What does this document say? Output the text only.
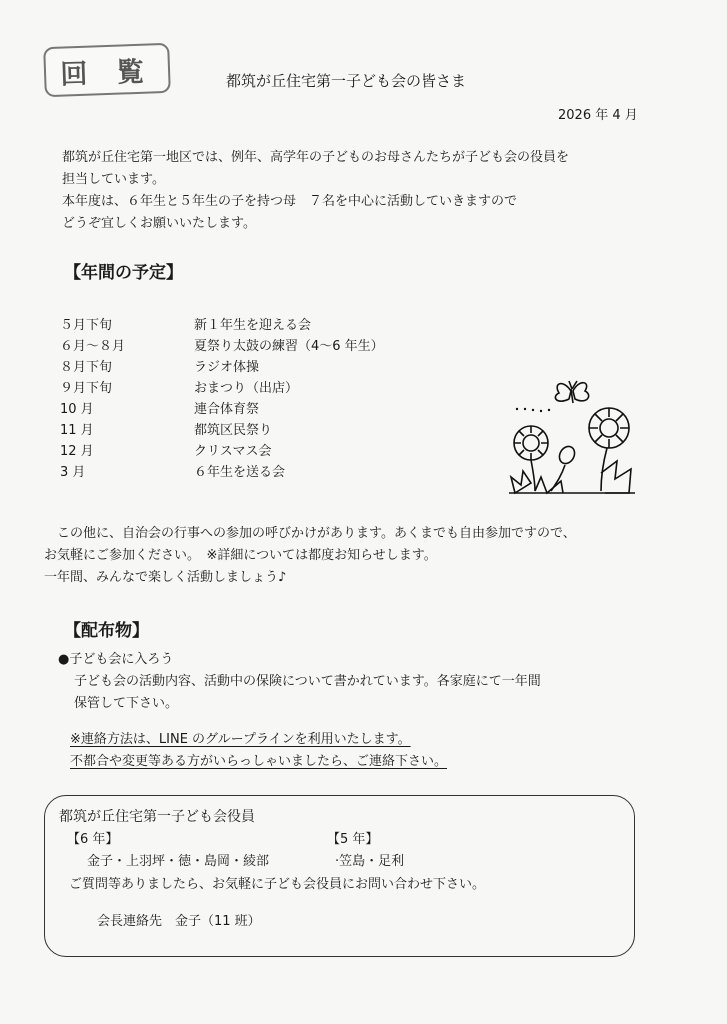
回 覧	都筑が丘住宅第一子ども会の皆さま
2026 年 4 月
都筑が丘住宅第一地区では、例年、高学年の子どものお母さんたちが子ども会の役員を
担当しています。
本年度は、６年生と５年生の子を持つ母　７名を中心に活動していきますので
どうぞ宜しくお願いいたします。
【年間の予定】
５月下旬	新１年生を迎える会
６月～８月	夏祭り太鼓の練習（4～6 年生）
８月下旬	ラジオ体操
９月下旬	おまつり（出店）
10 月	連合体育祭
11 月	都筑区民祭り
12 月	クリスマス会
3 月	６年生を送る会
　この他に、自治会の行事への参加の呼びかけがあります。あくまでも自由参加ですので、
お気軽にご参加ください。　※詳細については都度お知らせします。
一年間、みんなで楽しく活動しましょう♪
【配布物】
●子ども会に入ろう
子ども会の活動内容、活動中の保険について書かれています。各家庭にて一年間
保管して下さい。
※連絡方法は、LINE のグループラインを利用いたします。
不都合や変更等ある方がいらっしゃいましたら、ご連絡下さい。
都筑が丘住宅第一子ども会役員
【6 年】	【5 年】
金子・上羽坪・徳・島岡・綾部	·笠島・足利
ご質問等ありましたら、お気軽に子ども会役員にお問い合わせ下さい。
会長連絡先　金子（11 班）
